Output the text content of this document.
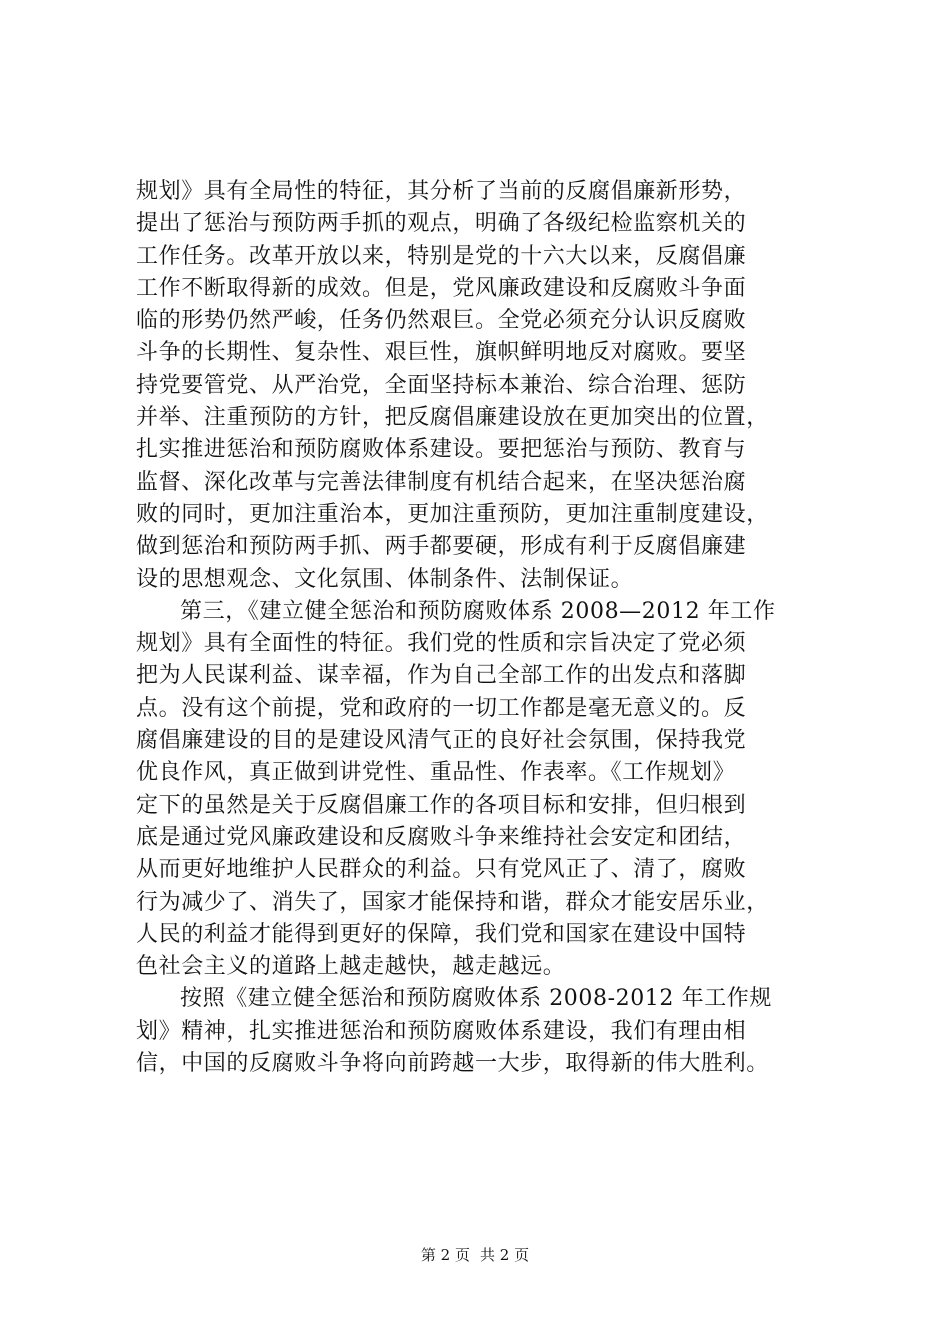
规划》具有全局性的特征，其分析了当前的反腐倡廉新形势，
提出了惩治与预防两手抓的观点，明确了各级纪检监察机关的
工作任务。改革开放以来，特别是党的十六大以来，反腐倡廉
工作不断取得新的成效。但是，党风廉政建设和反腐败斗争面
临的形势仍然严峻，任务仍然艰巨。全党必须充分认识反腐败
斗争的长期性、复杂性、艰巨性，旗帜鲜明地反对腐败。要坚
持党要管党、从严治党，全面坚持标本兼治、综合治理、惩防
并举、注重预防的方针，把反腐倡廉建设放在更加突出的位置，
扎实推进惩治和预防腐败体系建设。要把惩治与预防、教育与
监督、深化改革与完善法律制度有机结合起来，在坚决惩治腐
败的同时，更加注重治本，更加注重预防，更加注重制度建设，
做到惩治和预防两手抓、两手都要硬，形成有利于反腐倡廉建
设的思想观念、文化氛围、体制条件、法制保证。
第三，《建立健全惩治和预防腐败体系 2008—2012 年工作
规划》具有全面性的特征。我们党的性质和宗旨决定了党必须
把为人民谋利益、谋幸福，作为自己全部工作的出发点和落脚
点。没有这个前提，党和政府的一切工作都是毫无意义的。反
腐倡廉建设的目的是建设风清气正的良好社会氛围，保持我党
优良作风，真正做到讲党性、重品性、作表率。《工作规划》
定下的虽然是关于反腐倡廉工作的各项目标和安排，但归根到
底是通过党风廉政建设和反腐败斗争来维持社会安定和团结，
从而更好地维护人民群众的利益。只有党风正了、清了，腐败
行为减少了、消失了，国家才能保持和谐，群众才能安居乐业，
人民的利益才能得到更好的保障，我们党和国家在建设中国特
色社会主义的道路上越走越快，越走越远。
按照《建立健全惩治和预防腐败体系 2008-2012 年工作规
划》精神，扎实推进惩治和预防腐败体系建设，我们有理由相
信，中国的反腐败斗争将向前跨越一大步，取得新的伟大胜利。
第 2 页 共 2 页
